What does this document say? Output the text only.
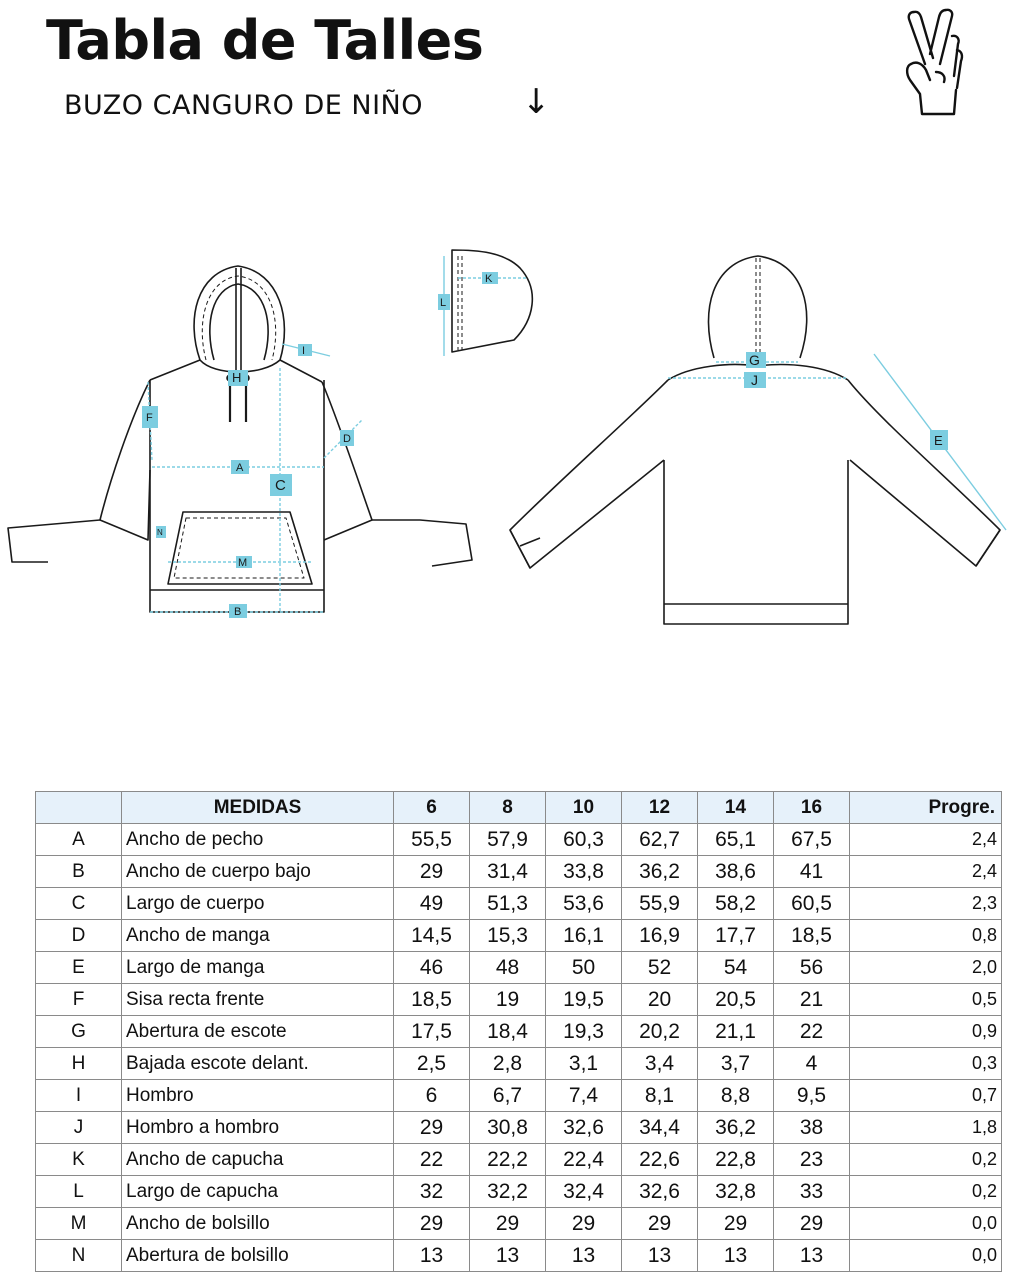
Tabla de Talles
BUZO CANGURO DE NIÑO	↓
A
B
C
M
D
F
H
I
N
K
L
G
J
E
	MEDIDAS	6	8	10	12	14	16	Progre.
A	Ancho de pecho	55,5	57,9	60,3	62,7	65,1	67,5	2,4
B	Ancho de cuerpo bajo	29	31,4	33,8	36,2	38,6	41	2,4
C	Largo de cuerpo	49	51,3	53,6	55,9	58,2	60,5	2,3
D	Ancho de manga	14,5	15,3	16,1	16,9	17,7	18,5	0,8
E	Largo de manga	46	48	50	52	54	56	2,0
F	Sisa recta frente	18,5	19	19,5	20	20,5	21	0,5
G	Abertura de escote	17,5	18,4	19,3	20,2	21,1	22	0,9
H	Bajada escote delant.	2,5	2,8	3,1	3,4	3,7	4	0,3
I	Hombro	6	6,7	7,4	8,1	8,8	9,5	0,7
J	Hombro a hombro	29	30,8	32,6	34,4	36,2	38	1,8
K	Ancho de capucha	22	22,2	22,4	22,6	22,8	23	0,2
L	Largo de capucha	32	32,2	32,4	32,6	32,8	33	0,2
M	Ancho de bolsillo	29	29	29	29	29	29	0,0
N	Abertura de bolsillo	13	13	13	13	13	13	0,0
